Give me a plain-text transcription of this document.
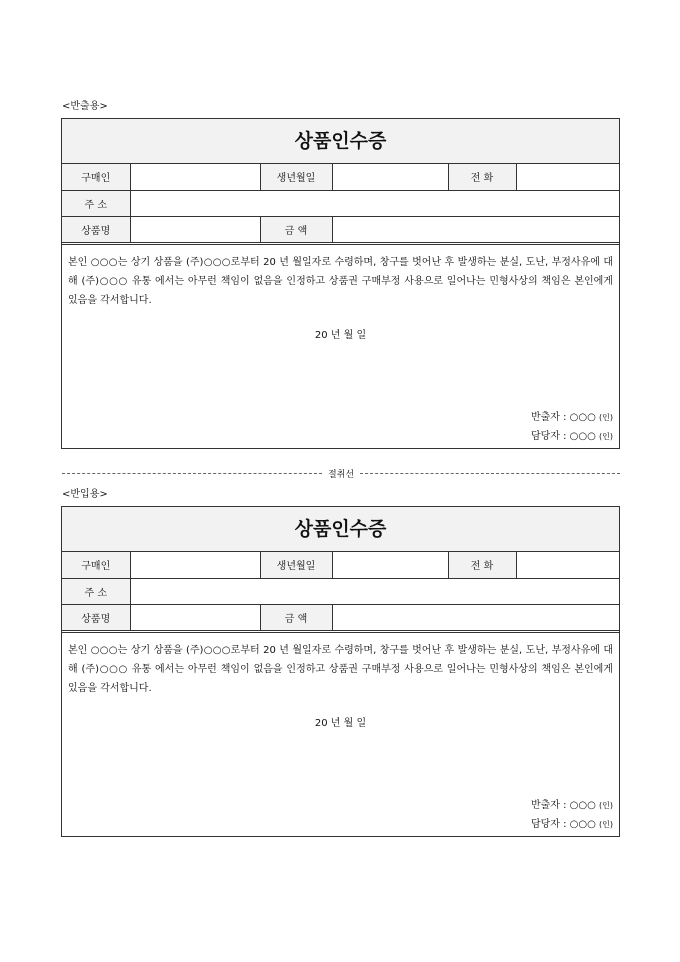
<반출용>
상품인수증
구매인		생년월일		전 화	
주 소					
상품명		금 액			

본인 ○○○는 상기 상품을 (주)○○○로부터 20 년 월일자로 수령하며, 창구를 벗어난 후 발생하는 분실, 도난, 부정사유에 대해 (주)○○○ 유통 에서는 아무런 책임이 없음을 인정하고 상품권 구매부정 사용으로 일어나는 민형사상의 책임은 본인에게 있음을 각서합니다.

20 년 월 일
반출자 : ○○○ (인)
담당자 : ○○○ (인)
절취선
<반입용>
상품인수증
구매인		생년월일		전 화	
주 소					
상품명		금 액			

본인 ○○○는 상기 상품을 (주)○○○로부터 20 년 월일자로 수령하며, 창구를 벗어난 후 발생하는 분실, 도난, 부정사유에 대해 (주)○○○ 유통 에서는 아무런 책임이 없음을 인정하고 상품권 구매부정 사용으로 일어나는 민형사상의 책임은 본인에게 있음을 각서합니다.

20 년 월 일
반출자 : ○○○ (인)
담당자 : ○○○ (인)
